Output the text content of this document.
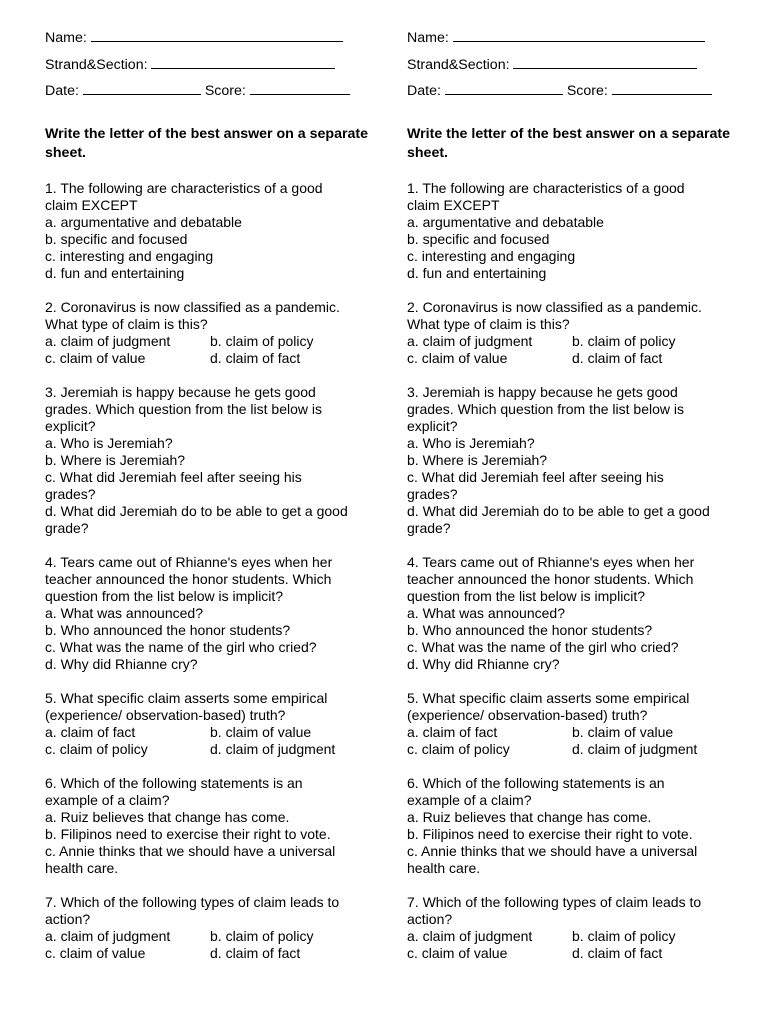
Name:
Strand&Section:
Date:	Score:
Write the letter of the best answer on a separate sheet.
1. The following are characteristics of a good
claim EXCEPT
a. argumentative and debatable
b. specific and focused
c. interesting and engaging
d. fun and entertaining
2. Coronavirus is now classified as a pandemic.
What type of claim is this?
a. claim of judgment	b. claim of policy
c. claim of value	d. claim of fact
3. Jeremiah is happy because he gets good
grades. Which question from the list below is
explicit?
a. Who is Jeremiah?
b. Where is Jeremiah?
c. What did Jeremiah feel after seeing his
grades?
d. What did Jeremiah do to be able to get a good
grade?
4. Tears came out of Rhianne's eyes when her
teacher announced the honor students. Which
question from the list below is implicit?
a. What was announced?
b. Who announced the honor students?
c. What was the name of the girl who cried?
d. Why did Rhianne cry?
5. What specific claim asserts some empirical
(experience/ observation-based) truth?
a. claim of fact	b. claim of value
c. claim of policy	d. claim of judgment
6. Which of the following statements is an
example of a claim?
a. Ruiz believes that change has come.
b. Filipinos need to exercise their right to vote.
c. Annie thinks that we should have a universal
health care.
7. Which of the following types of claim leads to
action?
a. claim of judgment	b. claim of policy
c. claim of value	d. claim of fact
Name:
Strand&Section:
Date:	Score:
Write the letter of the best answer on a separate sheet.
1. The following are characteristics of a good
claim EXCEPT
a. argumentative and debatable
b. specific and focused
c. interesting and engaging
d. fun and entertaining
2. Coronavirus is now classified as a pandemic.
What type of claim is this?
a. claim of judgment	b. claim of policy
c. claim of value	d. claim of fact
3. Jeremiah is happy because he gets good
grades. Which question from the list below is
explicit?
a. Who is Jeremiah?
b. Where is Jeremiah?
c. What did Jeremiah feel after seeing his
grades?
d. What did Jeremiah do to be able to get a good
grade?
4. Tears came out of Rhianne's eyes when her
teacher announced the honor students. Which
question from the list below is implicit?
a. What was announced?
b. Who announced the honor students?
c. What was the name of the girl who cried?
d. Why did Rhianne cry?
5. What specific claim asserts some empirical
(experience/ observation-based) truth?
a. claim of fact	b. claim of value
c. claim of policy	d. claim of judgment
6. Which of the following statements is an
example of a claim?
a. Ruiz believes that change has come.
b. Filipinos need to exercise their right to vote.
c. Annie thinks that we should have a universal
health care.
7. Which of the following types of claim leads to
action?
a. claim of judgment	b. claim of policy
c. claim of value	d. claim of fact
